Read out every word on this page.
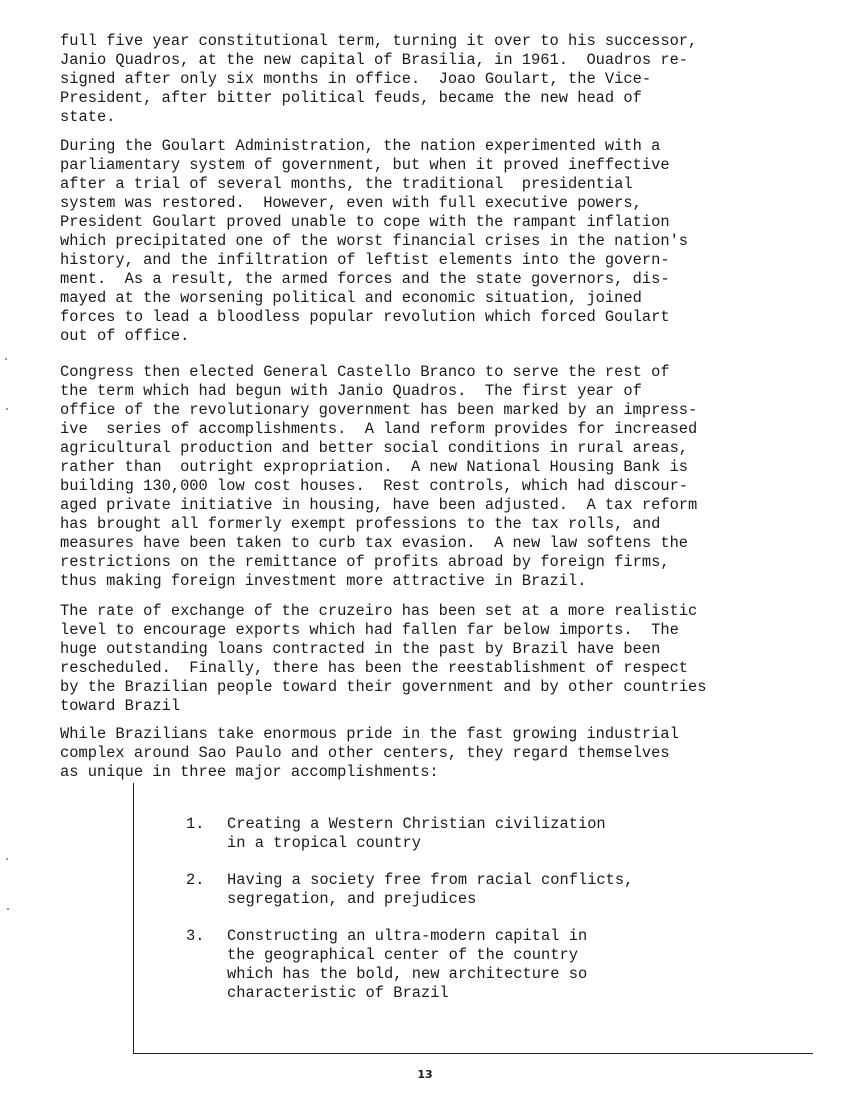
full five year constitutional term, turning it over to his successor,
Janio Quadros, at the new capital of Brasilia, in 1961.  Ouadros re-
signed after only six months in office.  Joao Goulart, the Vice-
President, after bitter political feuds, became the new head of
state.
During the Goulart Administration, the nation experimented with a
parliamentary system of government, but when it proved ineffective
after a trial of several months, the traditional  presidential
system was restored.  However, even with full executive powers,
President Goulart proved unable to cope with the rampant inflation
which precipitated one of the worst financial crises in the nation's
history, and the infiltration of leftist elements into the govern-
ment.  As a result, the armed forces and the state governors, dis-
mayed at the worsening political and economic situation, joined
forces to lead a bloodless popular revolution which forced Goulart
out of office.
Congress then elected General Castello Branco to serve the rest of
the term which had begun with Janio Quadros.  The first year of
office of the revolutionary government has been marked by an impress-
ive  series of accomplishments.  A land reform provides for increased
agricultural production and better social conditions in rural areas,
rather than  outright expropriation.  A new National Housing Bank is
building 130,000 low cost houses.  Rest controls, which had discour-
aged private initiative in housing, have been adjusted.  A tax reform
has brought all formerly exempt professions to the tax rolls, and
measures have been taken to curb tax evasion.  A new law softens the
restrictions on the remittance of profits abroad by foreign firms,
thus making foreign investment more attractive in Brazil.
The rate of exchange of the cruzeiro has been set at a more realistic
level to encourage exports which had fallen far below imports.  The
huge outstanding loans contracted in the past by Brazil have been
rescheduled.  Finally, there has been the reestablishment of respect
by the Brazilian people toward their government and by other countries
toward Brazil
While Brazilians take enormous pride in the fast growing industrial
complex around Sao Paulo and other centers, they regard themselves
as unique in three major accomplishments:
1. Creating a Western Christian civilization
in a tropical country
2. Having a society free from racial conflicts,
segregation, and prejudices
3. Constructing an ultra-modern capital in
the geographical center of the country
which has the bold, new architecture so
characteristic of Brazil
13
